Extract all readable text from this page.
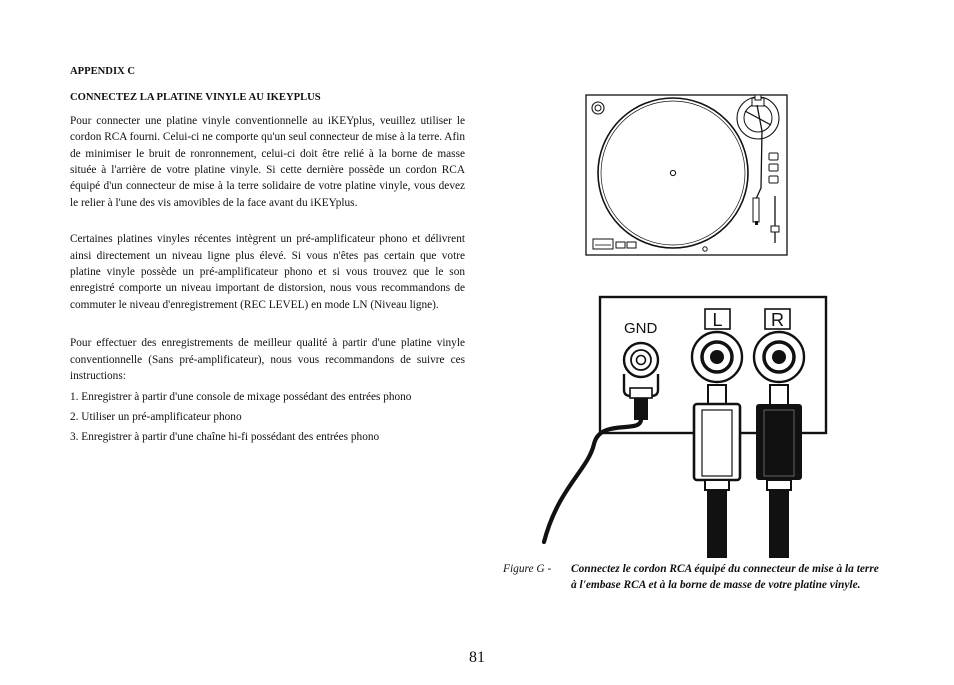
APPENDIX C

CONNECTEZ LA PLATINE VINYLE AU IKEYPLUS

Pour connecter une platine vinyle conventionnelle au iKEYplus, veuillez utiliser le cordon RCA fourni. Celui-ci ne comporte qu'un seul connecteur de mise à la terre. Afin de minimiser le bruit de ronronnement, celui-ci doit être relié à la borne de masse située à l'arrière de votre platine vinyle. Si cette dernière possède un cordon RCA équipé d'un connecteur de mise à la terre solidaire de votre platine vinyle, vous devez le relier à l'une des vis amovibles de la face avant du iKEYplus.

Certaines platines vinyles récentes intègrent un pré-amplificateur phono et délivrent ainsi directement un niveau ligne plus élevé. Si vous n'êtes pas certain que votre platine vinyle possède un pré-amplificateur phono et si vous trouvez que le son enregistré comporte un niveau important de distorsion, nous vous recommandons de commuter le niveau d'enregistrement (REC LEVEL) en mode LN (Niveau ligne).

Pour effectuer des enregistrements de meilleur qualité à partir d'une platine vinyle conventionnelle (Sans pré-amplificateur), nous vous recommandons de suivre ces instructions:

1. Enregistrer à partir d'une console de mixage possédant des entrées phono

2. Utiliser un pré-amplificateur phono

3. Enregistrer à partir d'une chaîne hi-fi possédant des entrées phono

GND	L	R
Figure G - Connectez le cordon RCA équipé du connecteur de mise à la terre à l'embase RCA et à la borne de masse de votre platine vinyle.
81
